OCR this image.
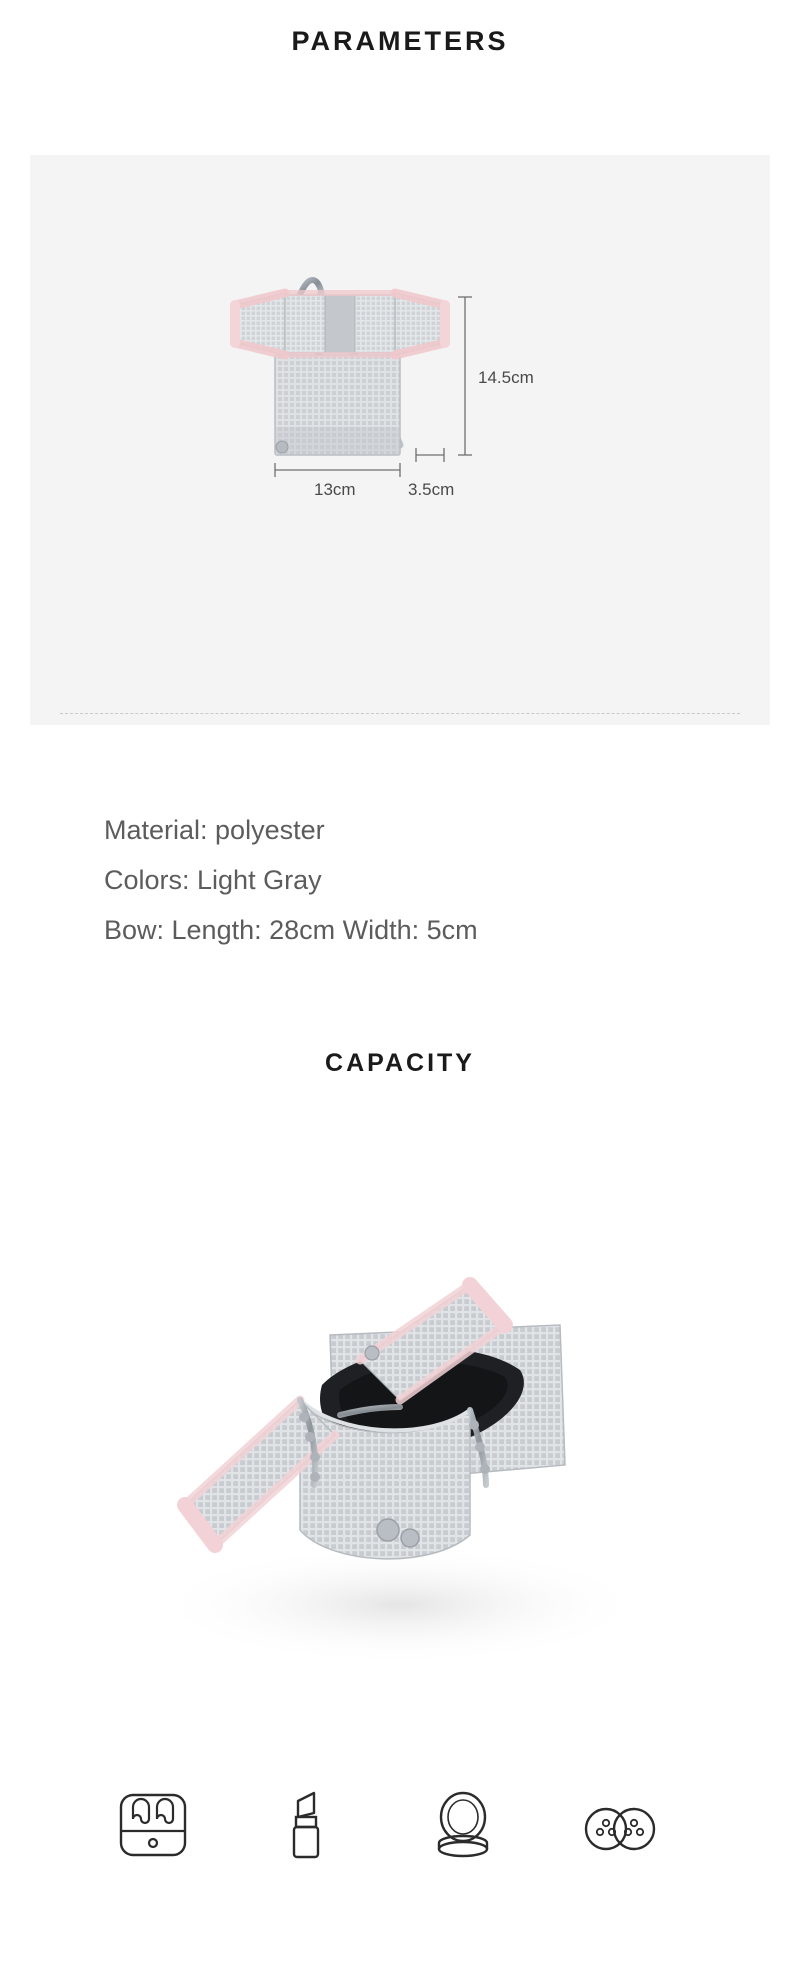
PARAMETERS
14.5cm
13cm	3.5cm
Material: polyester
Colors: Light Gray
Bow: Length: 28cm Width: 5cm
CAPACITY
